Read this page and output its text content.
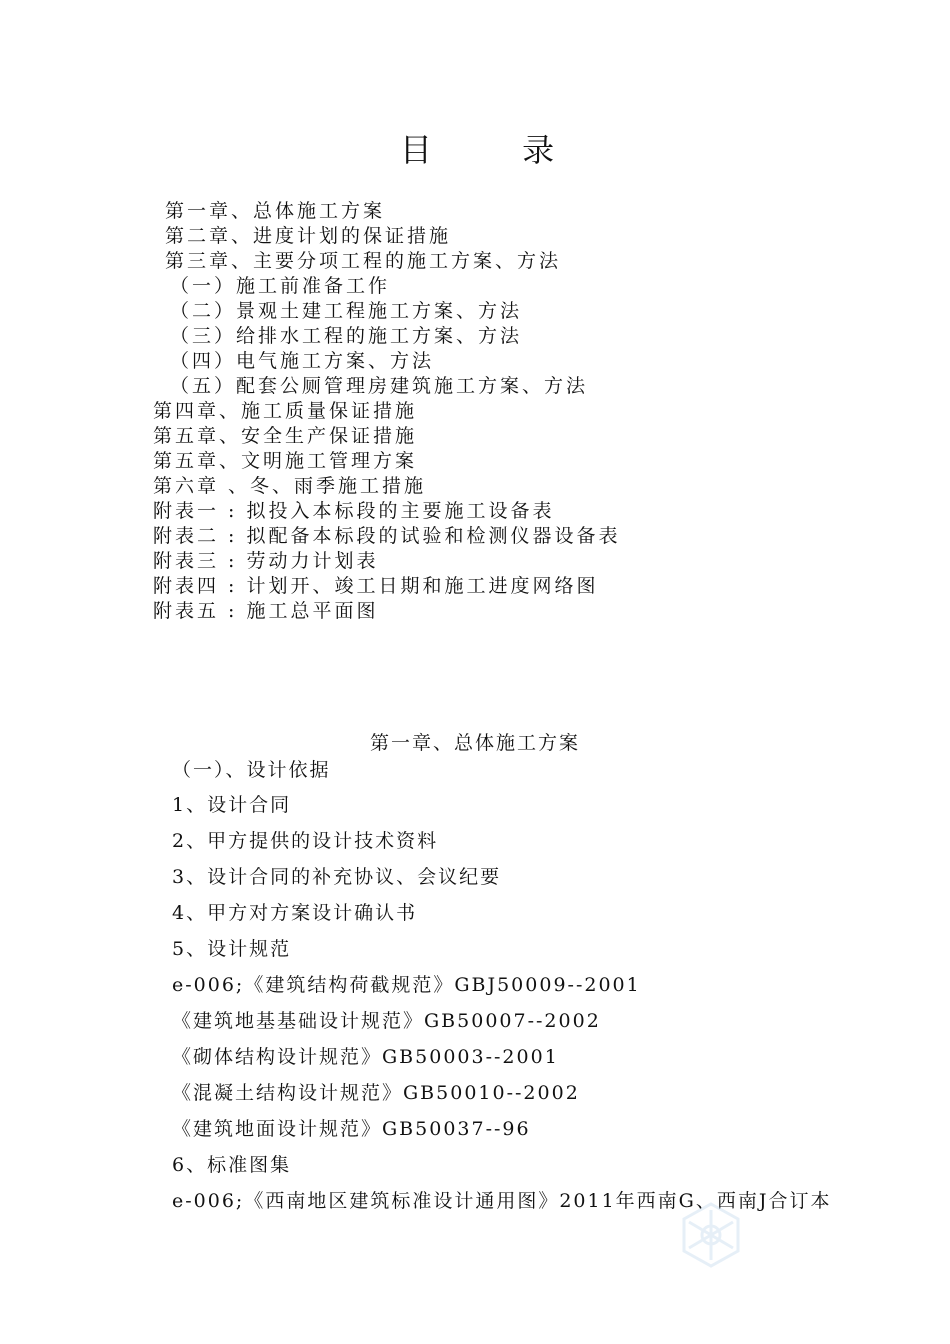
目 录
第一章、总体施工方案
第二章、进度计划的保证措施
第三章、主要分项工程的施工方案、方法
（一）施工前准备工作
（二）景观土建工程施工方案、方法
（三）给排水工程的施工方案、方法
（四）电气施工方案、方法
（五）配套公厕管理房建筑施工方案、方法
第四章、施工质量保证措施
第五章、安全生产保证措施
第五章、文明施工管理方案
第六章 、冬、雨季施工措施
附表一 : 拟投入本标段的主要施工设备表
附表二 : 拟配备本标段的试验和检测仪器设备表
附表三 : 劳动力计划表
附表四 : 计划开、竣工日期和施工进度网络图
附表五 : 施工总平面图
第一章、总体施工方案
（一）、设计依据
1、设计合同
2、甲方提供的设计技术资料
3、设计合同的补充协议、会议纪要
4、甲方对方案设计确认书
5、设计规范
e-006;《建筑结构荷截规范》GBJ50009--2001
《建筑地基基础设计规范》GB50007--2002
《砌体结构设计规范》GB50003--2001
《混凝土结构设计规范》GB50010--2002
《建筑地面设计规范》GB50037--96
6、标准图集
e-006;《西南地区建筑标准设计通用图》2011年西南G、西南J合订本
